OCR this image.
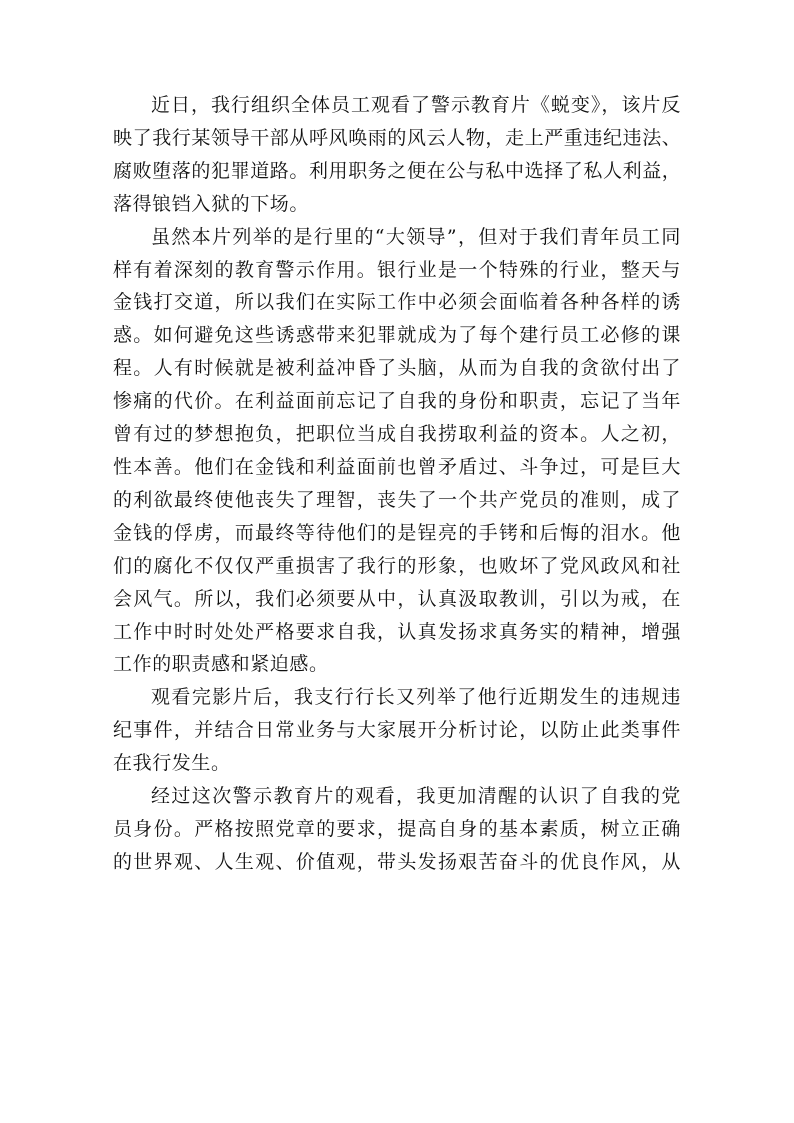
近日，我行组织全体员工观看了警示教育片《蜕变》，该片反
映了我行某领导干部从呼风唤雨的风云人物，走上严重违纪违法、
腐败堕落的犯罪道路。利用职务之便在公与私中选择了私人利益，
落得锒铛入狱的下场。
虽然本片列举的是行里的“大领导”，但对于我们青年员工同
样有着深刻的教育警示作用。银行业是一个特殊的行业，整天与
金钱打交道，所以我们在实际工作中必须会面临着各种各样的诱
惑。如何避免这些诱惑带来犯罪就成为了每个建行员工必修的课
程。人有时候就是被利益冲昏了头脑，从而为自我的贪欲付出了
惨痛的代价。在利益面前忘记了自我的身份和职责，忘记了当年
曾有过的梦想抱负，把职位当成自我捞取利益的资本。人之初，
性本善。他们在金钱和利益面前也曾矛盾过、斗争过，可是巨大
的利欲最终使他丧失了理智，丧失了一个共产党员的准则，成了
金钱的俘虏，而最终等待他们的是锃亮的手铐和后悔的泪水。他
们的腐化不仅仅严重损害了我行的形象，也败坏了党风政风和社
会风气。所以，我们必须要从中，认真汲取教训，引以为戒，在
工作中时时处处严格要求自我，认真发扬求真务实的精神，增强
工作的职责感和紧迫感。
观看完影片后，我支行行长又列举了他行近期发生的违规违
纪事件，并结合日常业务与大家展开分析讨论，以防止此类事件
在我行发生。
经过这次警示教育片的观看，我更加清醒的认识了自我的党
员身份。严格按照党章的要求，提高自身的基本素质，树立正确
的世界观、人生观、价值观，带头发扬艰苦奋斗的优良作风，从
